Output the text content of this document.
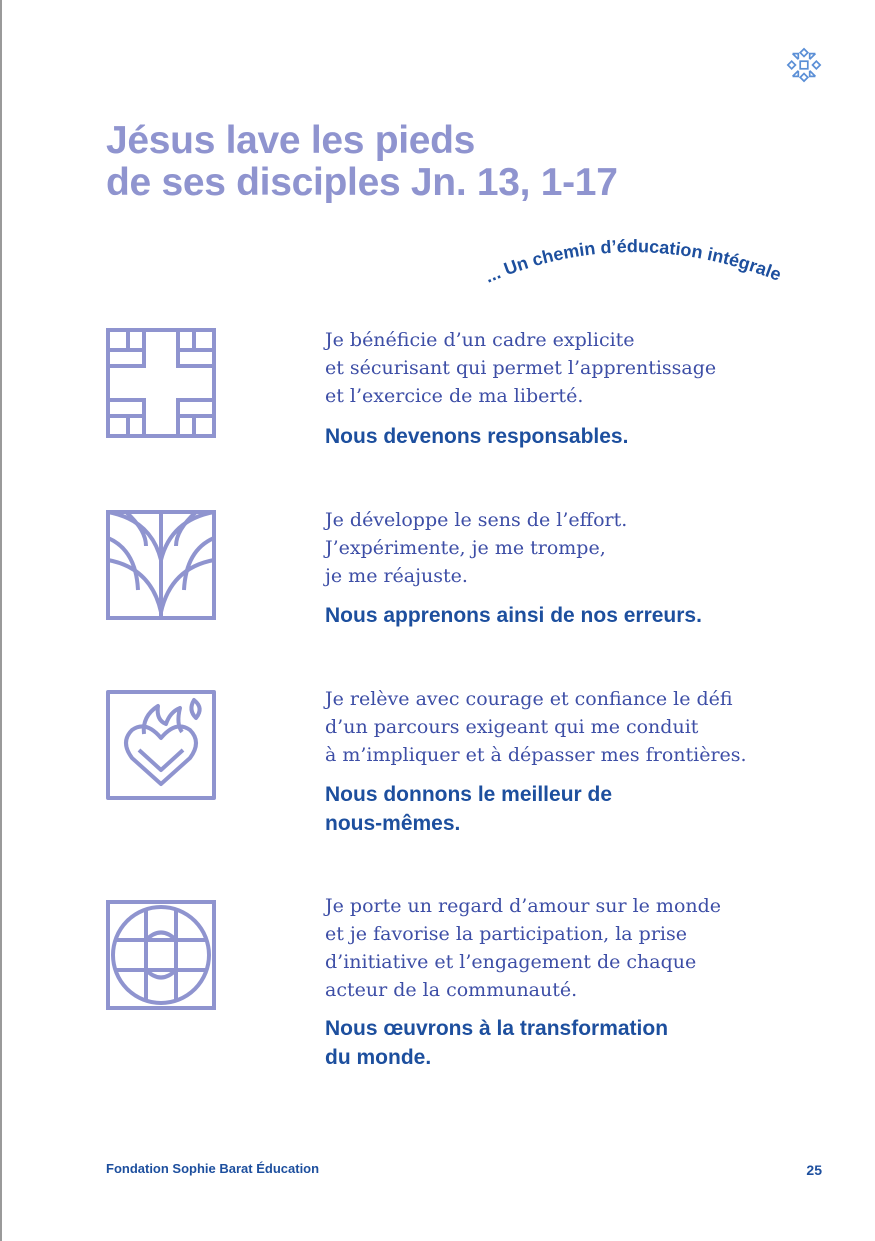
Jésus lave les pieds
de ses disciples Jn. 13, 1-17
... Un chemin d’éducation intégrale
Je bénéficie d’un cadre explicite
et sécurisant qui permet l’apprentissage
et l’exercice de ma liberté.
Nous devenons responsables.
Je développe le sens de l’effort.
J’expérimente, je me trompe,
je me réajuste.
Nous apprenons ainsi de nos erreurs.
Je relève avec courage et confiance le défi
d’un parcours exigeant qui me conduit
à m’impliquer et à dépasser mes frontières.
Nous donnons le meilleur de
nous-mêmes.
Je porte un regard d’amour sur le monde
et je favorise la participation, la prise
d’initiative et l’engagement de chaque
acteur de la communauté.
Nous œuvrons à la transformation
du monde.
Fondation Sophie Barat Éducation	25
